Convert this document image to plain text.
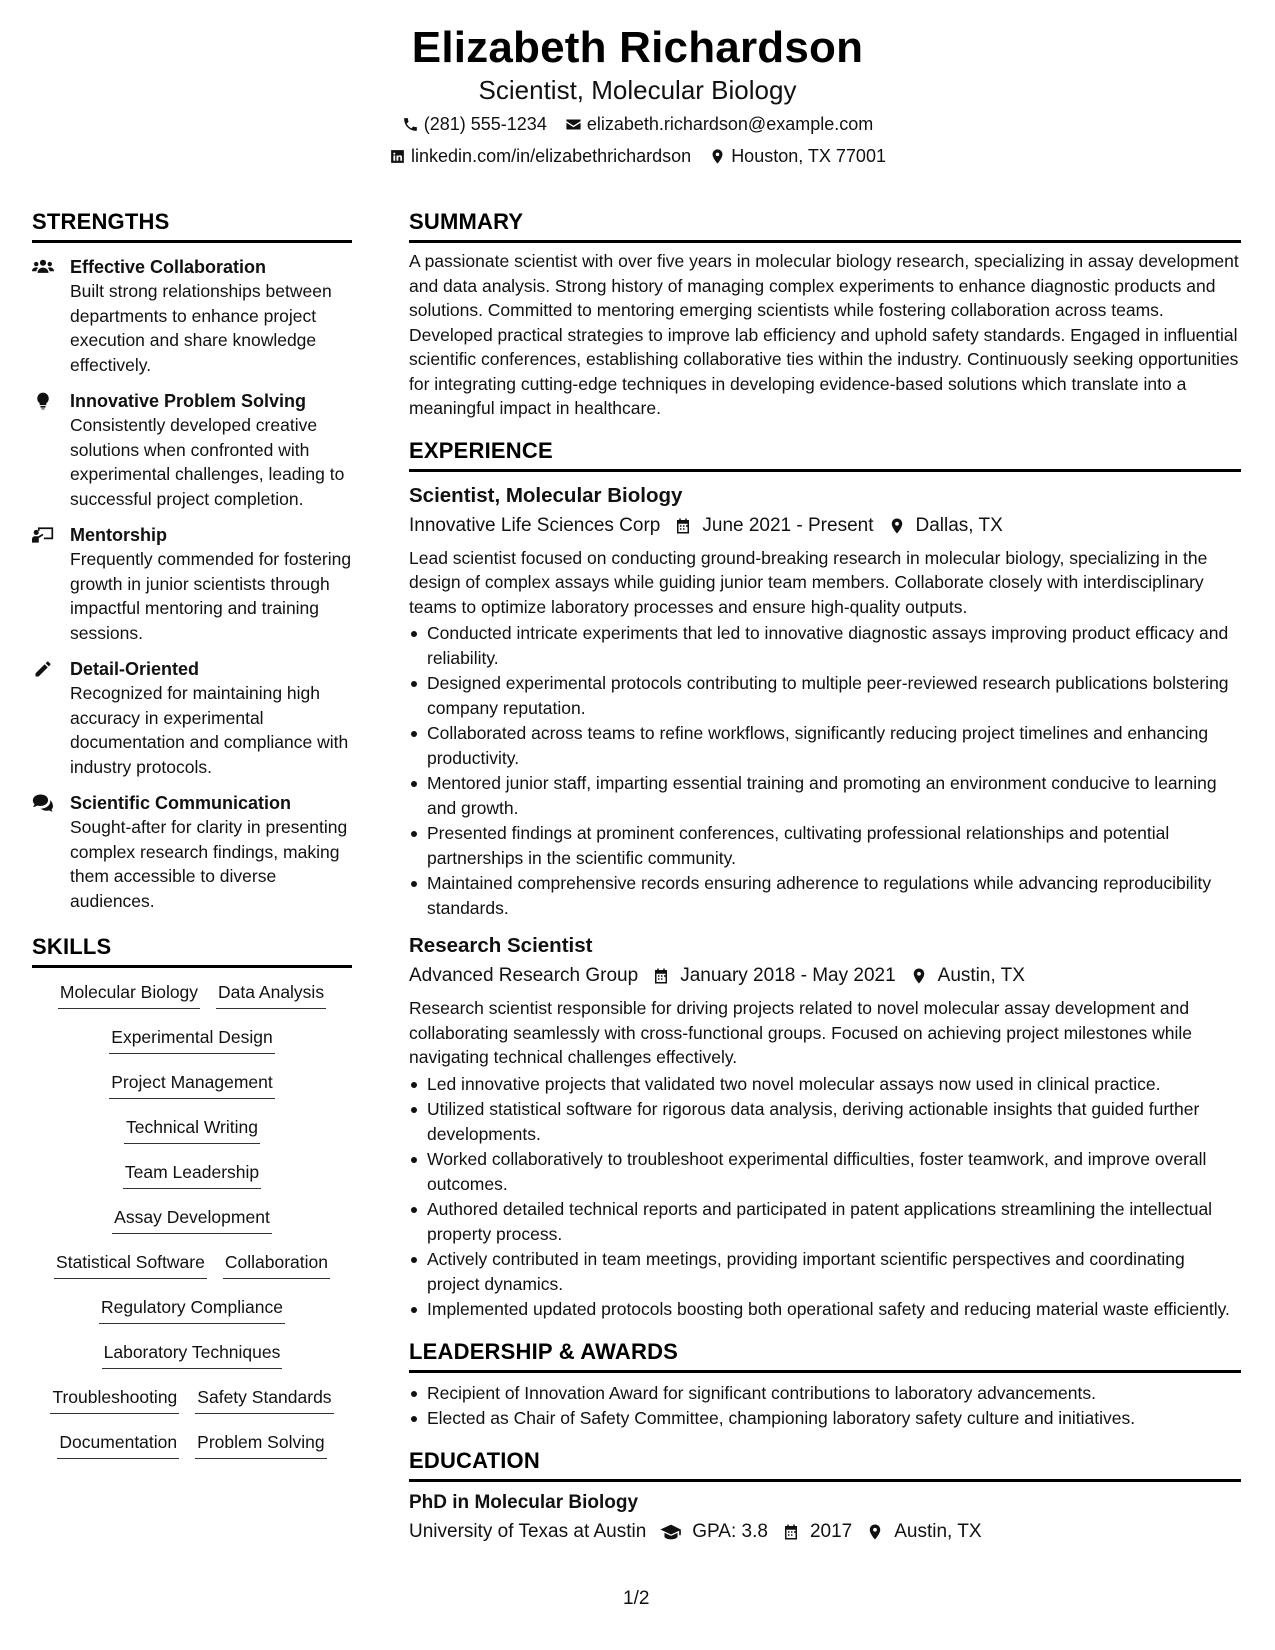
Elizabeth Richardson
Scientist, Molecular Biology
(281) 555-1234 elizabeth.richardson@example.com
linkedin.com/in/elizabethrichardson Houston, TX 77001
STRENGTHS
Effective Collaboration
Built strong relationships between departments to enhance project execution and share knowledge effectively.
Innovative Problem Solving
Consistently developed creative solutions when confronted with experimental challenges, leading to successful project completion.
Mentorship
Frequently commended for fostering growth in junior scientists through impactful mentoring and training sessions.
Detail-Oriented
Recognized for maintaining high accuracy in experimental documentation and compliance with industry protocols.
Scientific Communication
Sought-after for clarity in presenting complex research findings, making them accessible to diverse audiences.
SKILLS
Molecular Biology Data Analysis
Experimental Design
Project Management
Technical Writing
Team Leadership
Assay Development
Statistical Software Collaboration
Regulatory Compliance
Laboratory Techniques
Troubleshooting Safety Standards
Documentation Problem Solving
SUMMARY
A passionate scientist with over five years in molecular biology research, specializing in assay development and data analysis. Strong history of managing complex experiments to enhance diagnostic products and solutions. Committed to mentoring emerging scientists while fostering collaboration across teams. Developed practical strategies to improve lab efficiency and uphold safety standards. Engaged in influential scientific conferences, establishing collaborative ties within the industry. Continuously seeking opportunities for integrating cutting-edge techniques in developing evidence-based solutions which translate into a meaningful impact in healthcare.
EXPERIENCE
Scientist, Molecular Biology
Innovative Life Sciences Corp June 2021 - Present Dallas, TX
Lead scientist focused on conducting ground-breaking research in molecular biology, specializing in the design of complex assays while guiding junior team members. Collaborate closely with interdisciplinary teams to optimize laboratory processes and ensure high-quality outputs.
Conducted intricate experiments that led to innovative diagnostic assays improving product efficacy and reliability.
Designed experimental protocols contributing to multiple peer-reviewed research publications bolstering company reputation.
Collaborated across teams to refine workflows, significantly reducing project timelines and enhancing productivity.
Mentored junior staff, imparting essential training and promoting an environment conducive to learning and growth.
Presented findings at prominent conferences, cultivating professional relationships and potential partnerships in the scientific community.
Maintained comprehensive records ensuring adherence to regulations while advancing reproducibility standards.
Research Scientist
Advanced Research Group January 2018 - May 2021 Austin, TX
Research scientist responsible for driving projects related to novel molecular assay development and collaborating seamlessly with cross-functional groups. Focused on achieving project milestones while navigating technical challenges effectively.
Led innovative projects that validated two novel molecular assays now used in clinical practice.
Utilized statistical software for rigorous data analysis, deriving actionable insights that guided further developments.
Worked collaboratively to troubleshoot experimental difficulties, foster teamwork, and improve overall outcomes.
Authored detailed technical reports and participated in patent applications streamlining the intellectual property process.
Actively contributed in team meetings, providing important scientific perspectives and coordinating project dynamics.
Implemented updated protocols boosting both operational safety and reducing material waste efficiently.
LEADERSHIP & AWARDS
Recipient of Innovation Award for significant contributions to laboratory advancements.
Elected as Chair of Safety Committee, championing laboratory safety culture and initiatives.
EDUCATION
PhD in Molecular Biology
University of Texas at Austin GPA: 3.8 2017 Austin, TX
1/2
